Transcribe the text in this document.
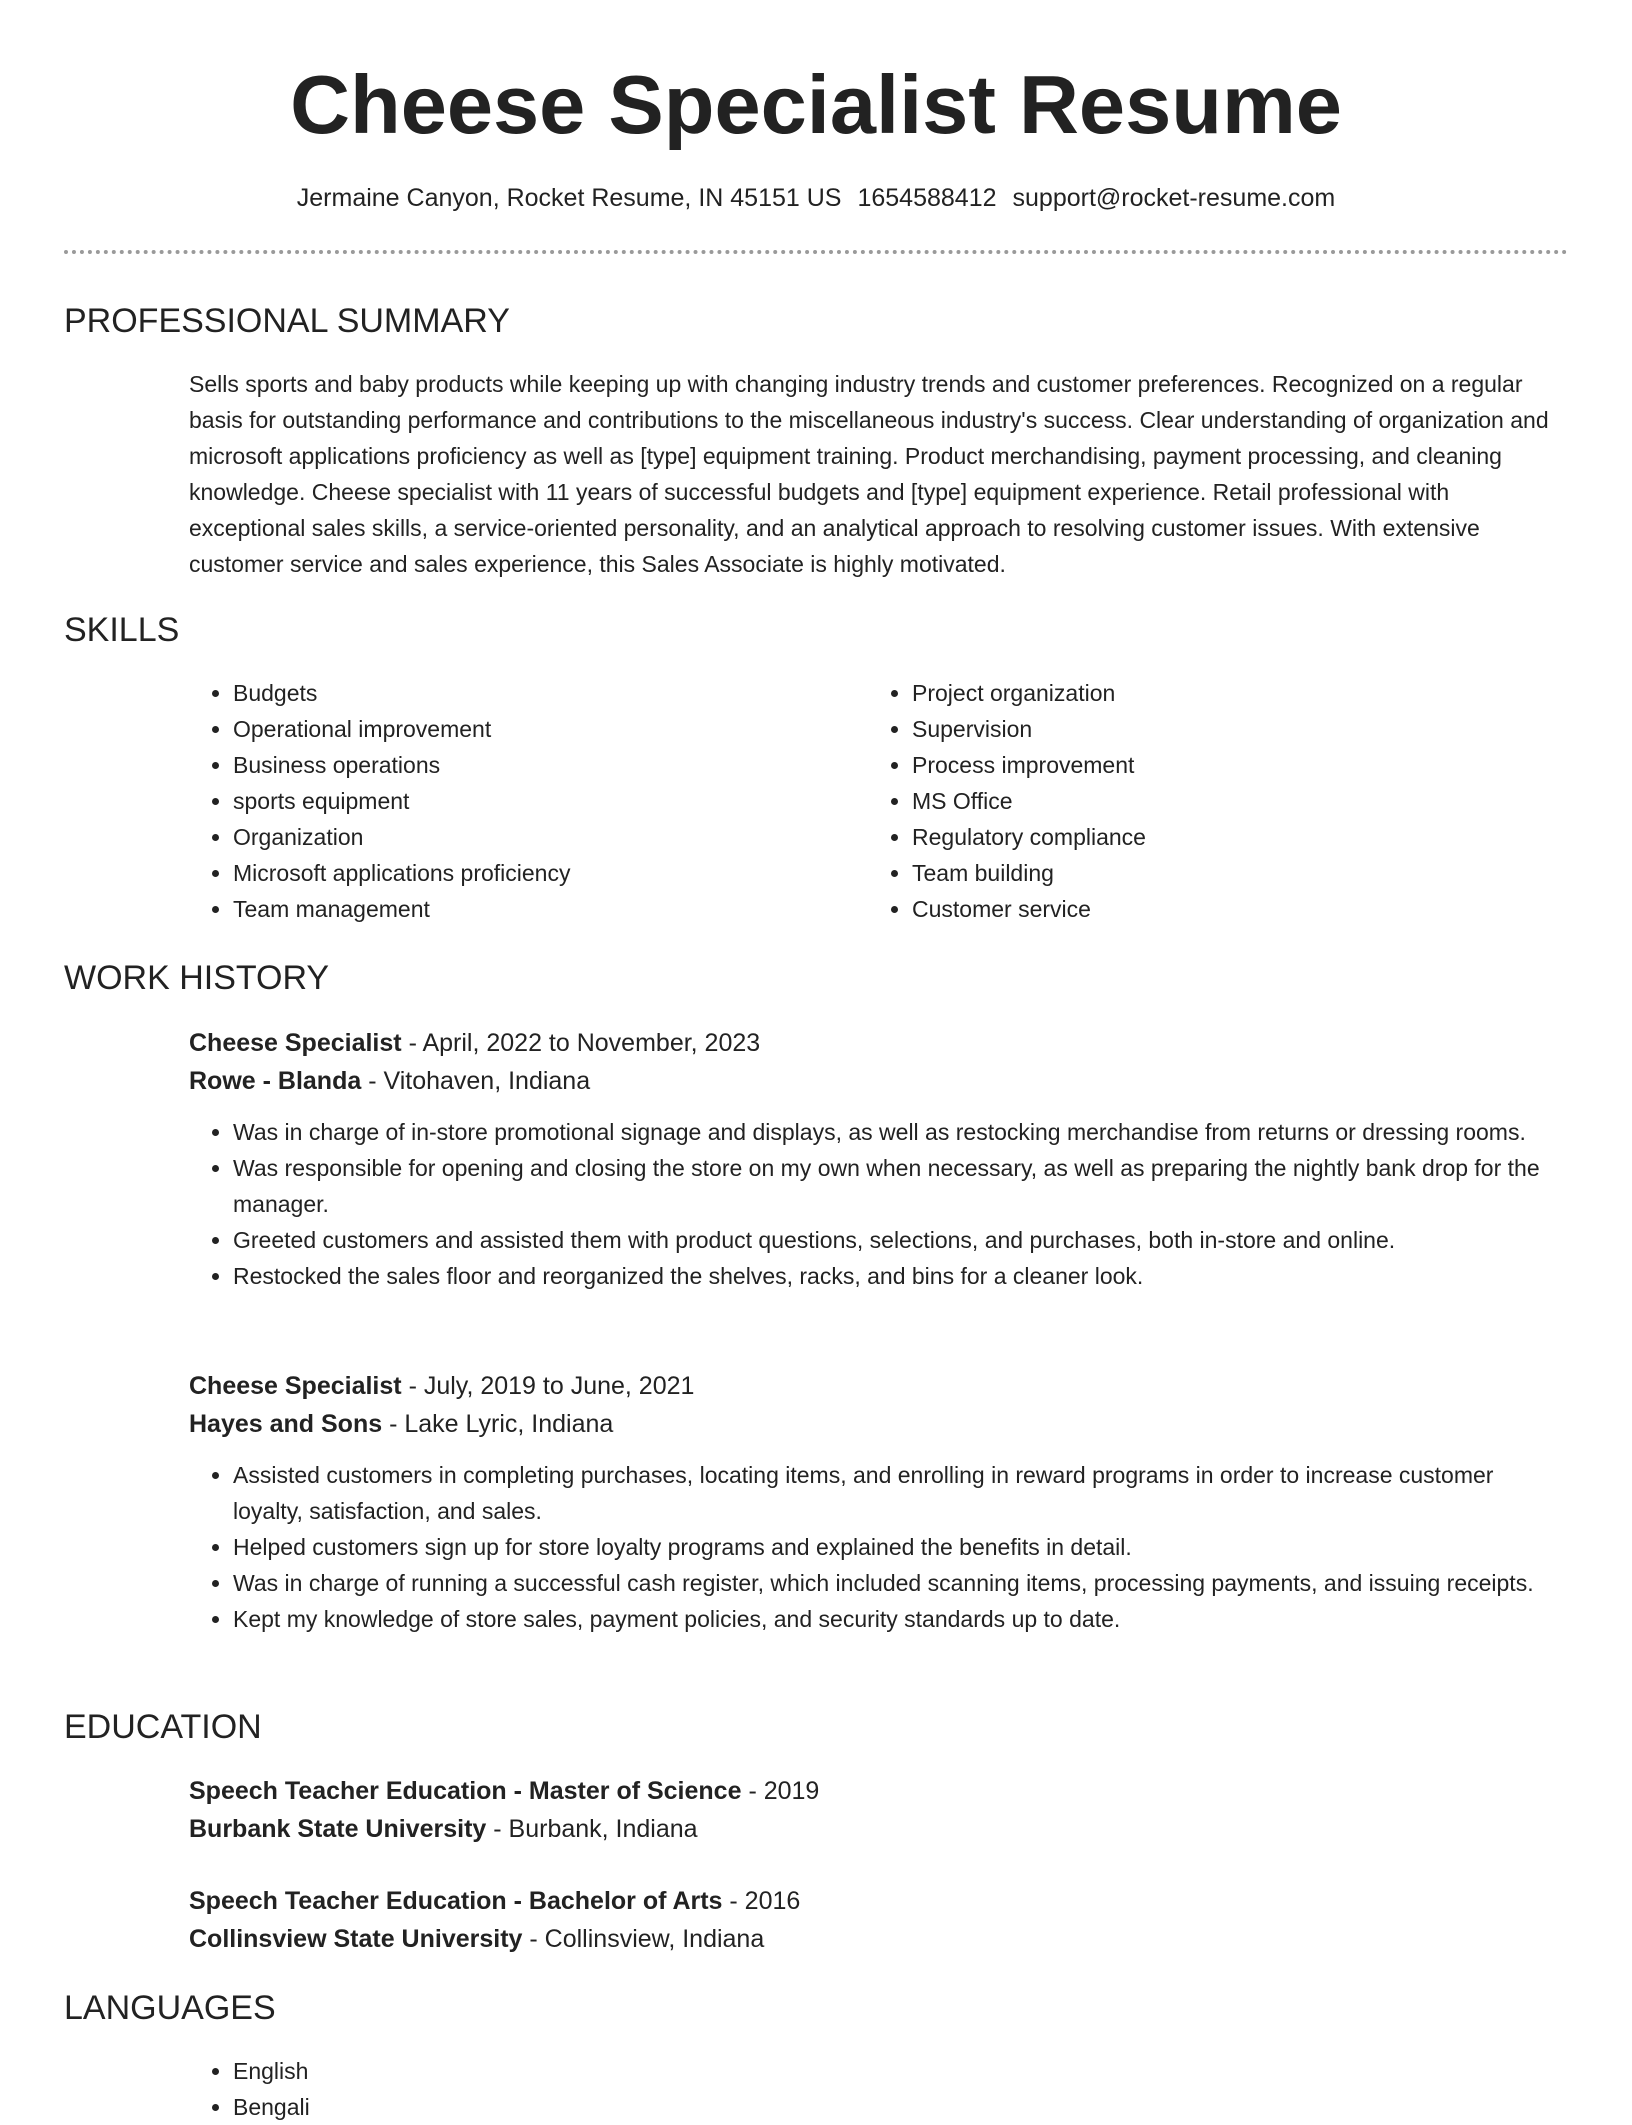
Cheese Specialist Resume
Jermaine Canyon, Rocket Resume, IN 45151 US 1654588412 support@rocket-resume.com
PROFESSIONAL SUMMARY
Sells sports and baby products while keeping up with changing industry trends and customer preferences. Recognized on a regular basis for outstanding performance and contributions to the miscellaneous industry's success. Clear understanding of organization and microsoft applications proficiency as well as [type] equipment training. Product merchandising, payment processing, and cleaning knowledge. Cheese specialist with 11 years of successful budgets and [type] equipment experience. Retail professional with exceptional sales skills, a service-oriented personality, and an analytical approach to resolving customer issues. With extensive customer service and sales experience, this Sales Associate is highly motivated.
SKILLS
• Budgets
• Operational improvement
• Business operations
• sports equipment
• Organization
• Microsoft applications proficiency
• Team management
• Project organization
• Supervision
• Process improvement
• MS Office
• Regulatory compliance
• Team building
• Customer service
WORK HISTORY
Cheese Specialist - April, 2022 to November, 2023
Rowe - Blanda - Vitohaven, Indiana
• Was in charge of in-store promotional signage and displays, as well as restocking merchandise from returns or dressing rooms.
• Was responsible for opening and closing the store on my own when necessary, as well as preparing the nightly bank drop for the manager.
• Greeted customers and assisted them with product questions, selections, and purchases, both in-store and online.
• Restocked the sales floor and reorganized the shelves, racks, and bins for a cleaner look.
Cheese Specialist - July, 2019 to June, 2021
Hayes and Sons - Lake Lyric, Indiana
• Assisted customers in completing purchases, locating items, and enrolling in reward programs in order to increase customer loyalty, satisfaction, and sales.
• Helped customers sign up for store loyalty programs and explained the benefits in detail.
• Was in charge of running a successful cash register, which included scanning items, processing payments, and issuing receipts.
• Kept my knowledge of store sales, payment policies, and security standards up to date.
EDUCATION
Speech Teacher Education - Master of Science - 2019
Burbank State University - Burbank, Indiana
Speech Teacher Education - Bachelor of Arts - 2016
Collinsview State University - Collinsview, Indiana
LANGUAGES
• English
• Bengali
